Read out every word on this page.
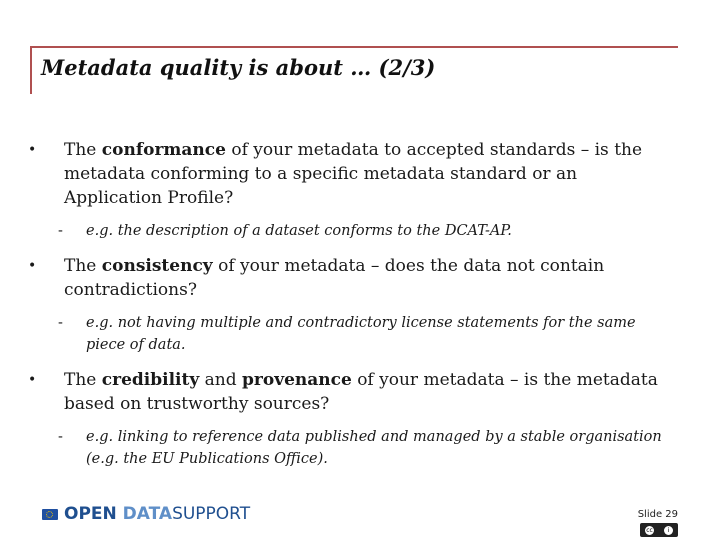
Metadata quality is about … (2/3)
•	The conformance of your metadata to accepted standards – is the metadata conforming to a specific metadata standard or an Application Profile?
- e.g. the description of a dataset conforms to the DCAT-AP.
•	The consistency of your metadata – does the data not contain contradictions?
- e.g. not having multiple and contradictory license statements for the same piece of data.
•	The credibility and provenance of your metadata – is the metadata based on trustworthy sources?
- e.g. linking to reference data published and managed by a stable organisation (e.g. the EU Publications Office).
OPEN DATASUPPORT	Slide 29
cc	i
